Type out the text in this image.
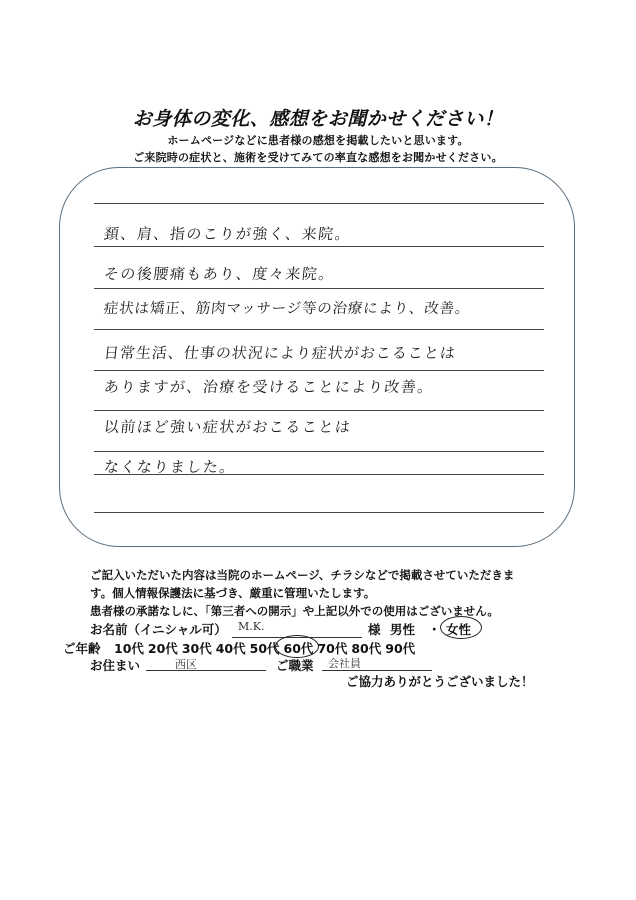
お身体の変化、感想をお聞かせください！
ホームページなどに患者様の感想を掲載したいと思います。
ご来院時の症状と、施術を受けてみての率直な感想をお聞かせください。
頚、肩、指のこりが強く、来院。
その後腰痛もあり、度々来院。
症状は矯正、筋肉マッサージ等の治療により、改善。
日常生活、仕事の状況により症状がおこることは
ありますが、治療を受けることにより改善。
以前ほど強い症状がおこることは
なくなりました。
ご記入いただいた内容は当院のホームページ、チラシなどで掲載させていただきま
す。個人情報保護法に基づき、厳重に管理いたします。
患者様の承諾なしに、「第三者への開示」や上記以外での使用はございません。
お名前（イニシャル可） M.K.	様 男性 ・ 女性
ご年齢 10代 20代 30代 40代 50代 60代 70代 80代 90代
お住まい	西区	ご職業 会社員
ご協力ありがとうございました！
